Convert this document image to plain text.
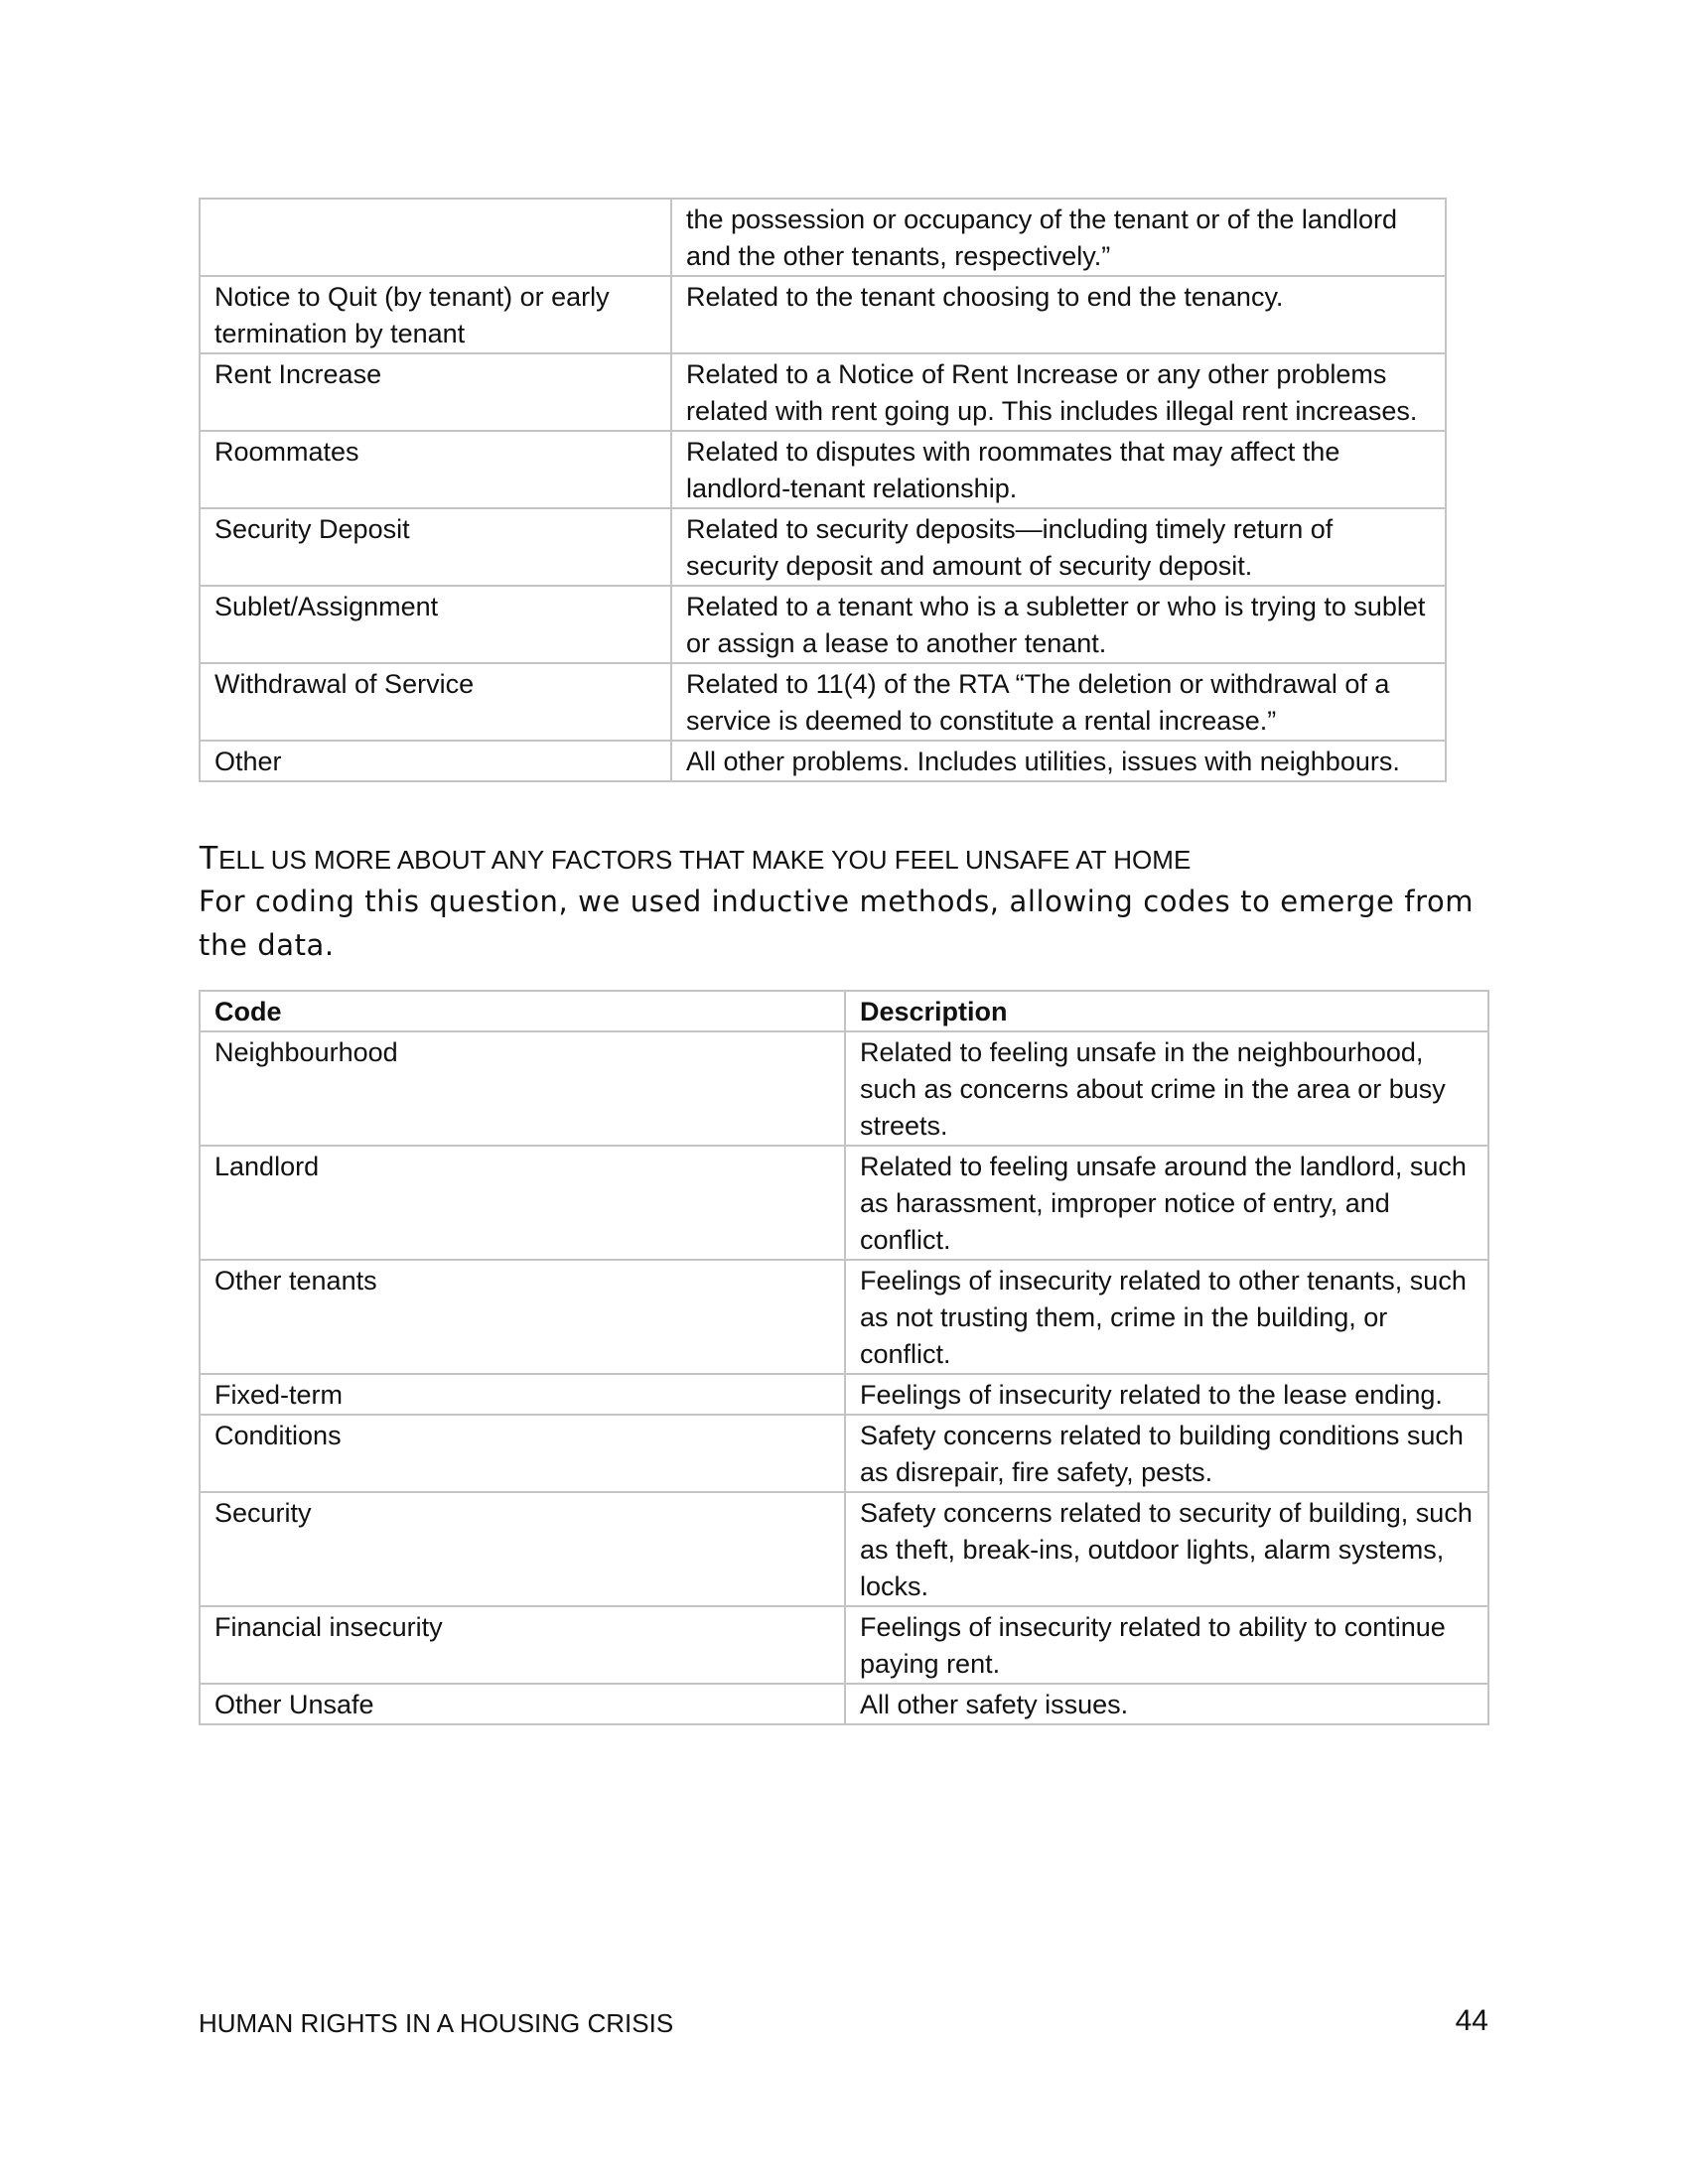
	the possession or occupancy of the tenant or of the landlord and the other tenants, respectively.”
Notice to Quit (by tenant) or early termination by tenant	Related to the tenant choosing to end the tenancy.
Rent Increase	Related to a Notice of Rent Increase or any other problems related with rent going up. This includes illegal rent increases.
Roommates	Related to disputes with roommates that may affect the landlord-tenant relationship.
Security Deposit	Related to security deposits—including timely return of security deposit and amount of security deposit.
Sublet/Assignment	Related to a tenant who is a subletter or who is trying to sublet or assign a lease to another tenant.
Withdrawal of Service	Related to 11(4) of the RTA “The deletion or withdrawal of a service is deemed to constitute a rental increase.”
Other	All other problems. Includes utilities, issues with neighbours.
TELL US MORE ABOUT ANY FACTORS THAT MAKE YOU FEEL UNSAFE AT HOME
For coding this question, we used inductive methods, allowing codes to emerge from the data.
Code	Description
Neighbourhood	Related to feeling unsafe in the neighbourhood, such as concerns about crime in the area or busy streets.
Landlord	Related to feeling unsafe around the landlord, such as harassment, improper notice of entry, and conflict.
Other tenants	Feelings of insecurity related to other tenants, such as not trusting them, crime in the building, or conflict.
Fixed-term	Feelings of insecurity related to the lease ending.
Conditions	Safety concerns related to building conditions such as disrepair, fire safety, pests.
Security	Safety concerns related to security of building, such as theft, break-ins, outdoor lights, alarm systems, locks.
Financial insecurity	Feelings of insecurity related to ability to continue paying rent.
Other Unsafe	All other safety issues.
HUMAN RIGHTS IN A HOUSING CRISIS	44
